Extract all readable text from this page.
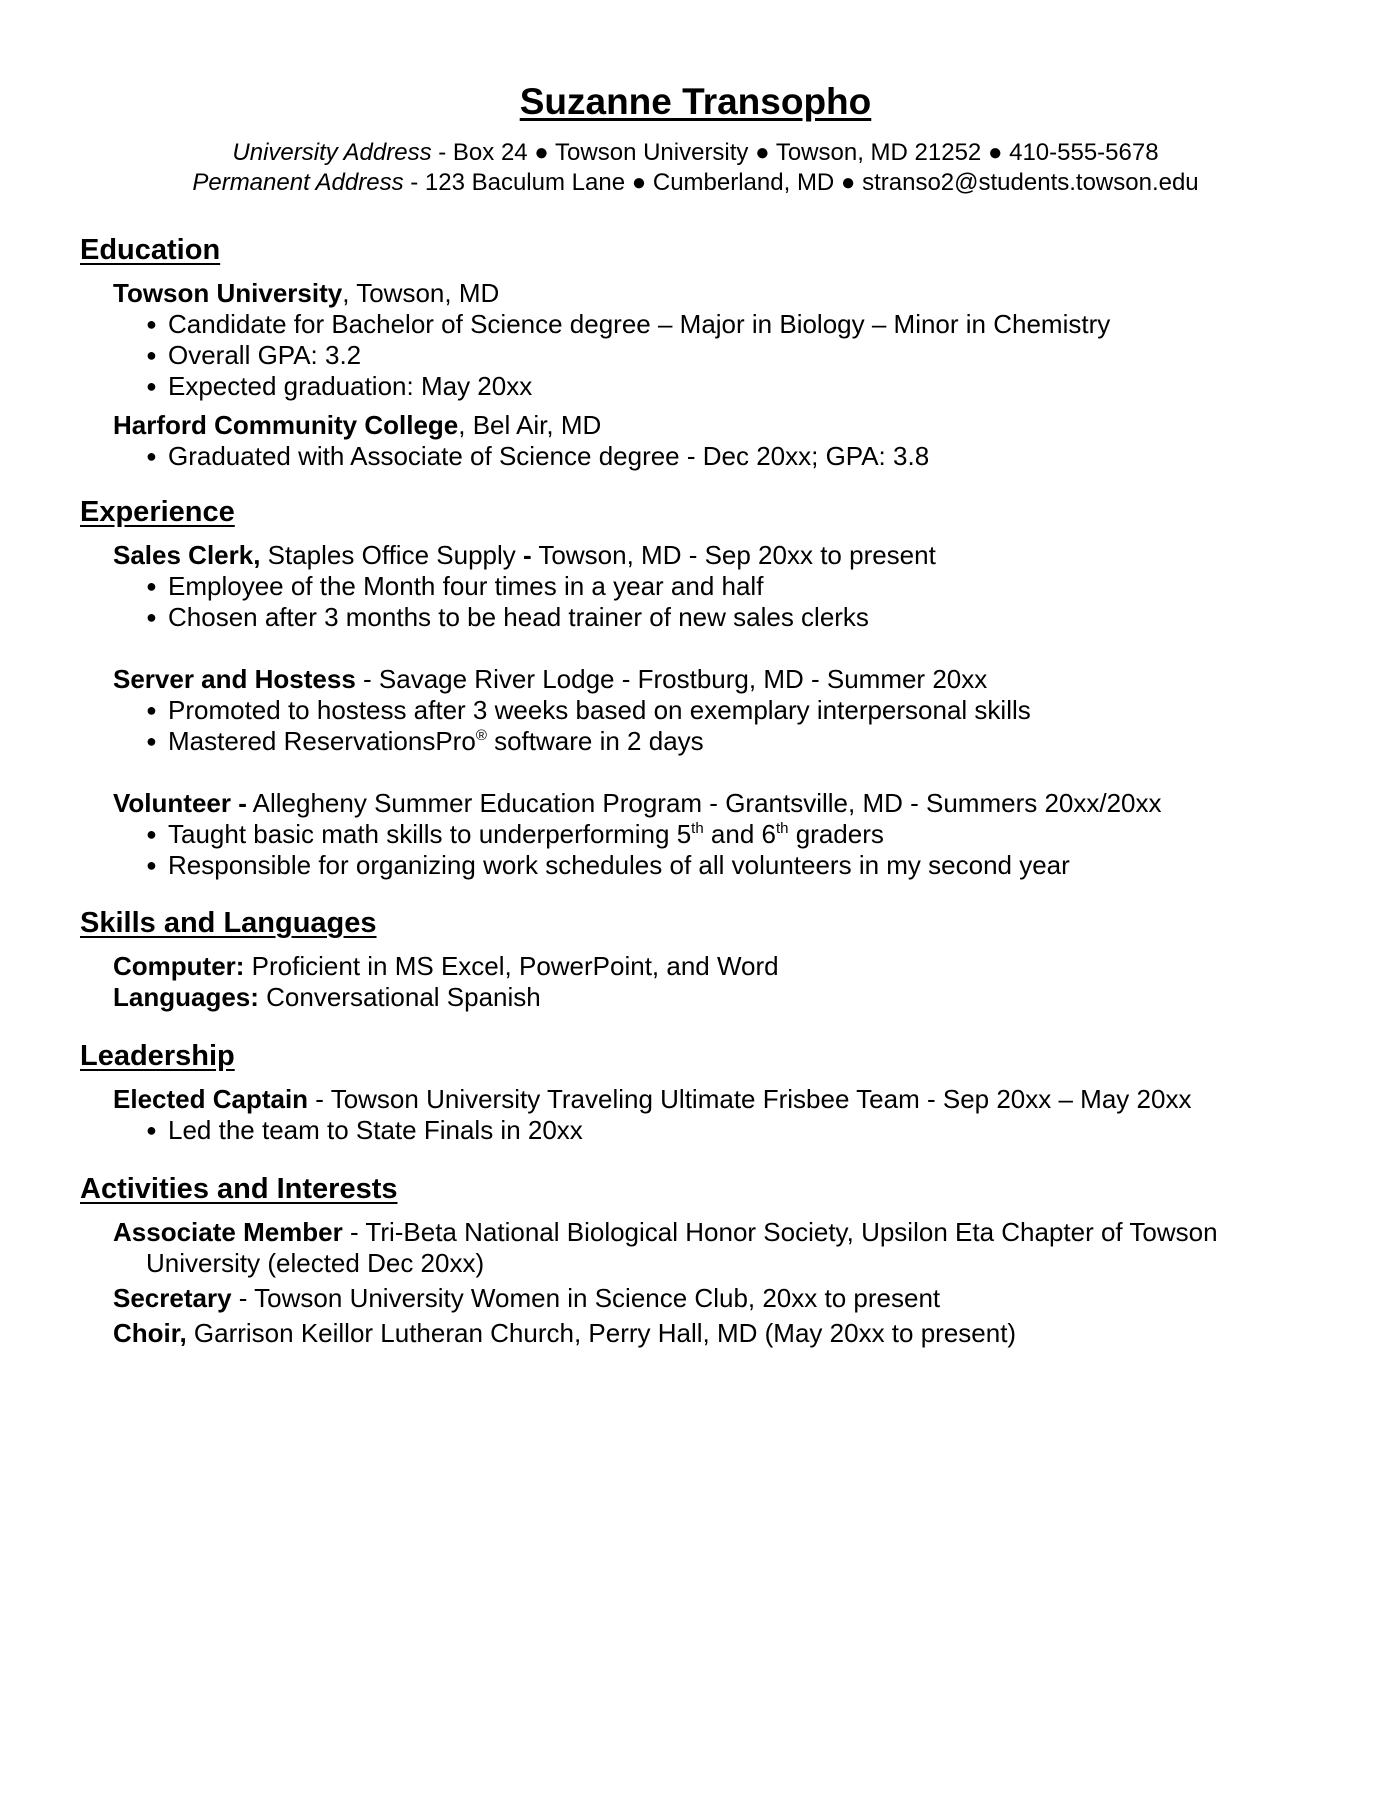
Suzanne Transopho

University Address - Box 24 ● Towson University ● Towson, MD 21252 ● 410-555-5678

Permanent Address - 123 Baculum Lane ● Cumberland, MD ● stranso2@students.towson.edu

Education

Towson University, Towson, MD

● Candidate for Bachelor of Science degree – Major in Biology – Minor in Chemistry
● Overall GPA: 3.2
● Expected graduation: May 20xx

Harford Community College, Bel Air, MD

● Graduated with Associate of Science degree - Dec 20xx; GPA: 3.8
Experience

Sales Clerk, Staples Office Supply - Towson, MD - Sep 20xx to present

● Employee of the Month four times in a year and half
● Chosen after 3 months to be head trainer of new sales clerks

Server and Hostess - Savage River Lodge - Frostburg, MD - Summer 20xx

● Promoted to hostess after 3 weeks based on exemplary interpersonal skills
● Mastered ReservationsPro® software in 2 days

Volunteer - Allegheny Summer Education Program - Grantsville, MD - Summers 20xx/20xx

● Taught basic math skills to underperforming 5th and 6th graders
● Responsible for organizing work schedules of all volunteers in my second year
Skills and Languages

Computer: Proficient in MS Excel, PowerPoint, and Word

Languages: Conversational Spanish

Leadership

Elected Captain - Towson University Traveling Ultimate Frisbee Team - Sep 20xx – May 20xx

● Led the team to State Finals in 20xx
Activities and Interests

Associate Member - Tri-Beta National Biological Honor Society, Upsilon Eta Chapter of Towson University (elected Dec 20xx)

Secretary - Towson University Women in Science Club, 20xx to present

Choir, Garrison Keillor Lutheran Church, Perry Hall, MD (May 20xx to present)
